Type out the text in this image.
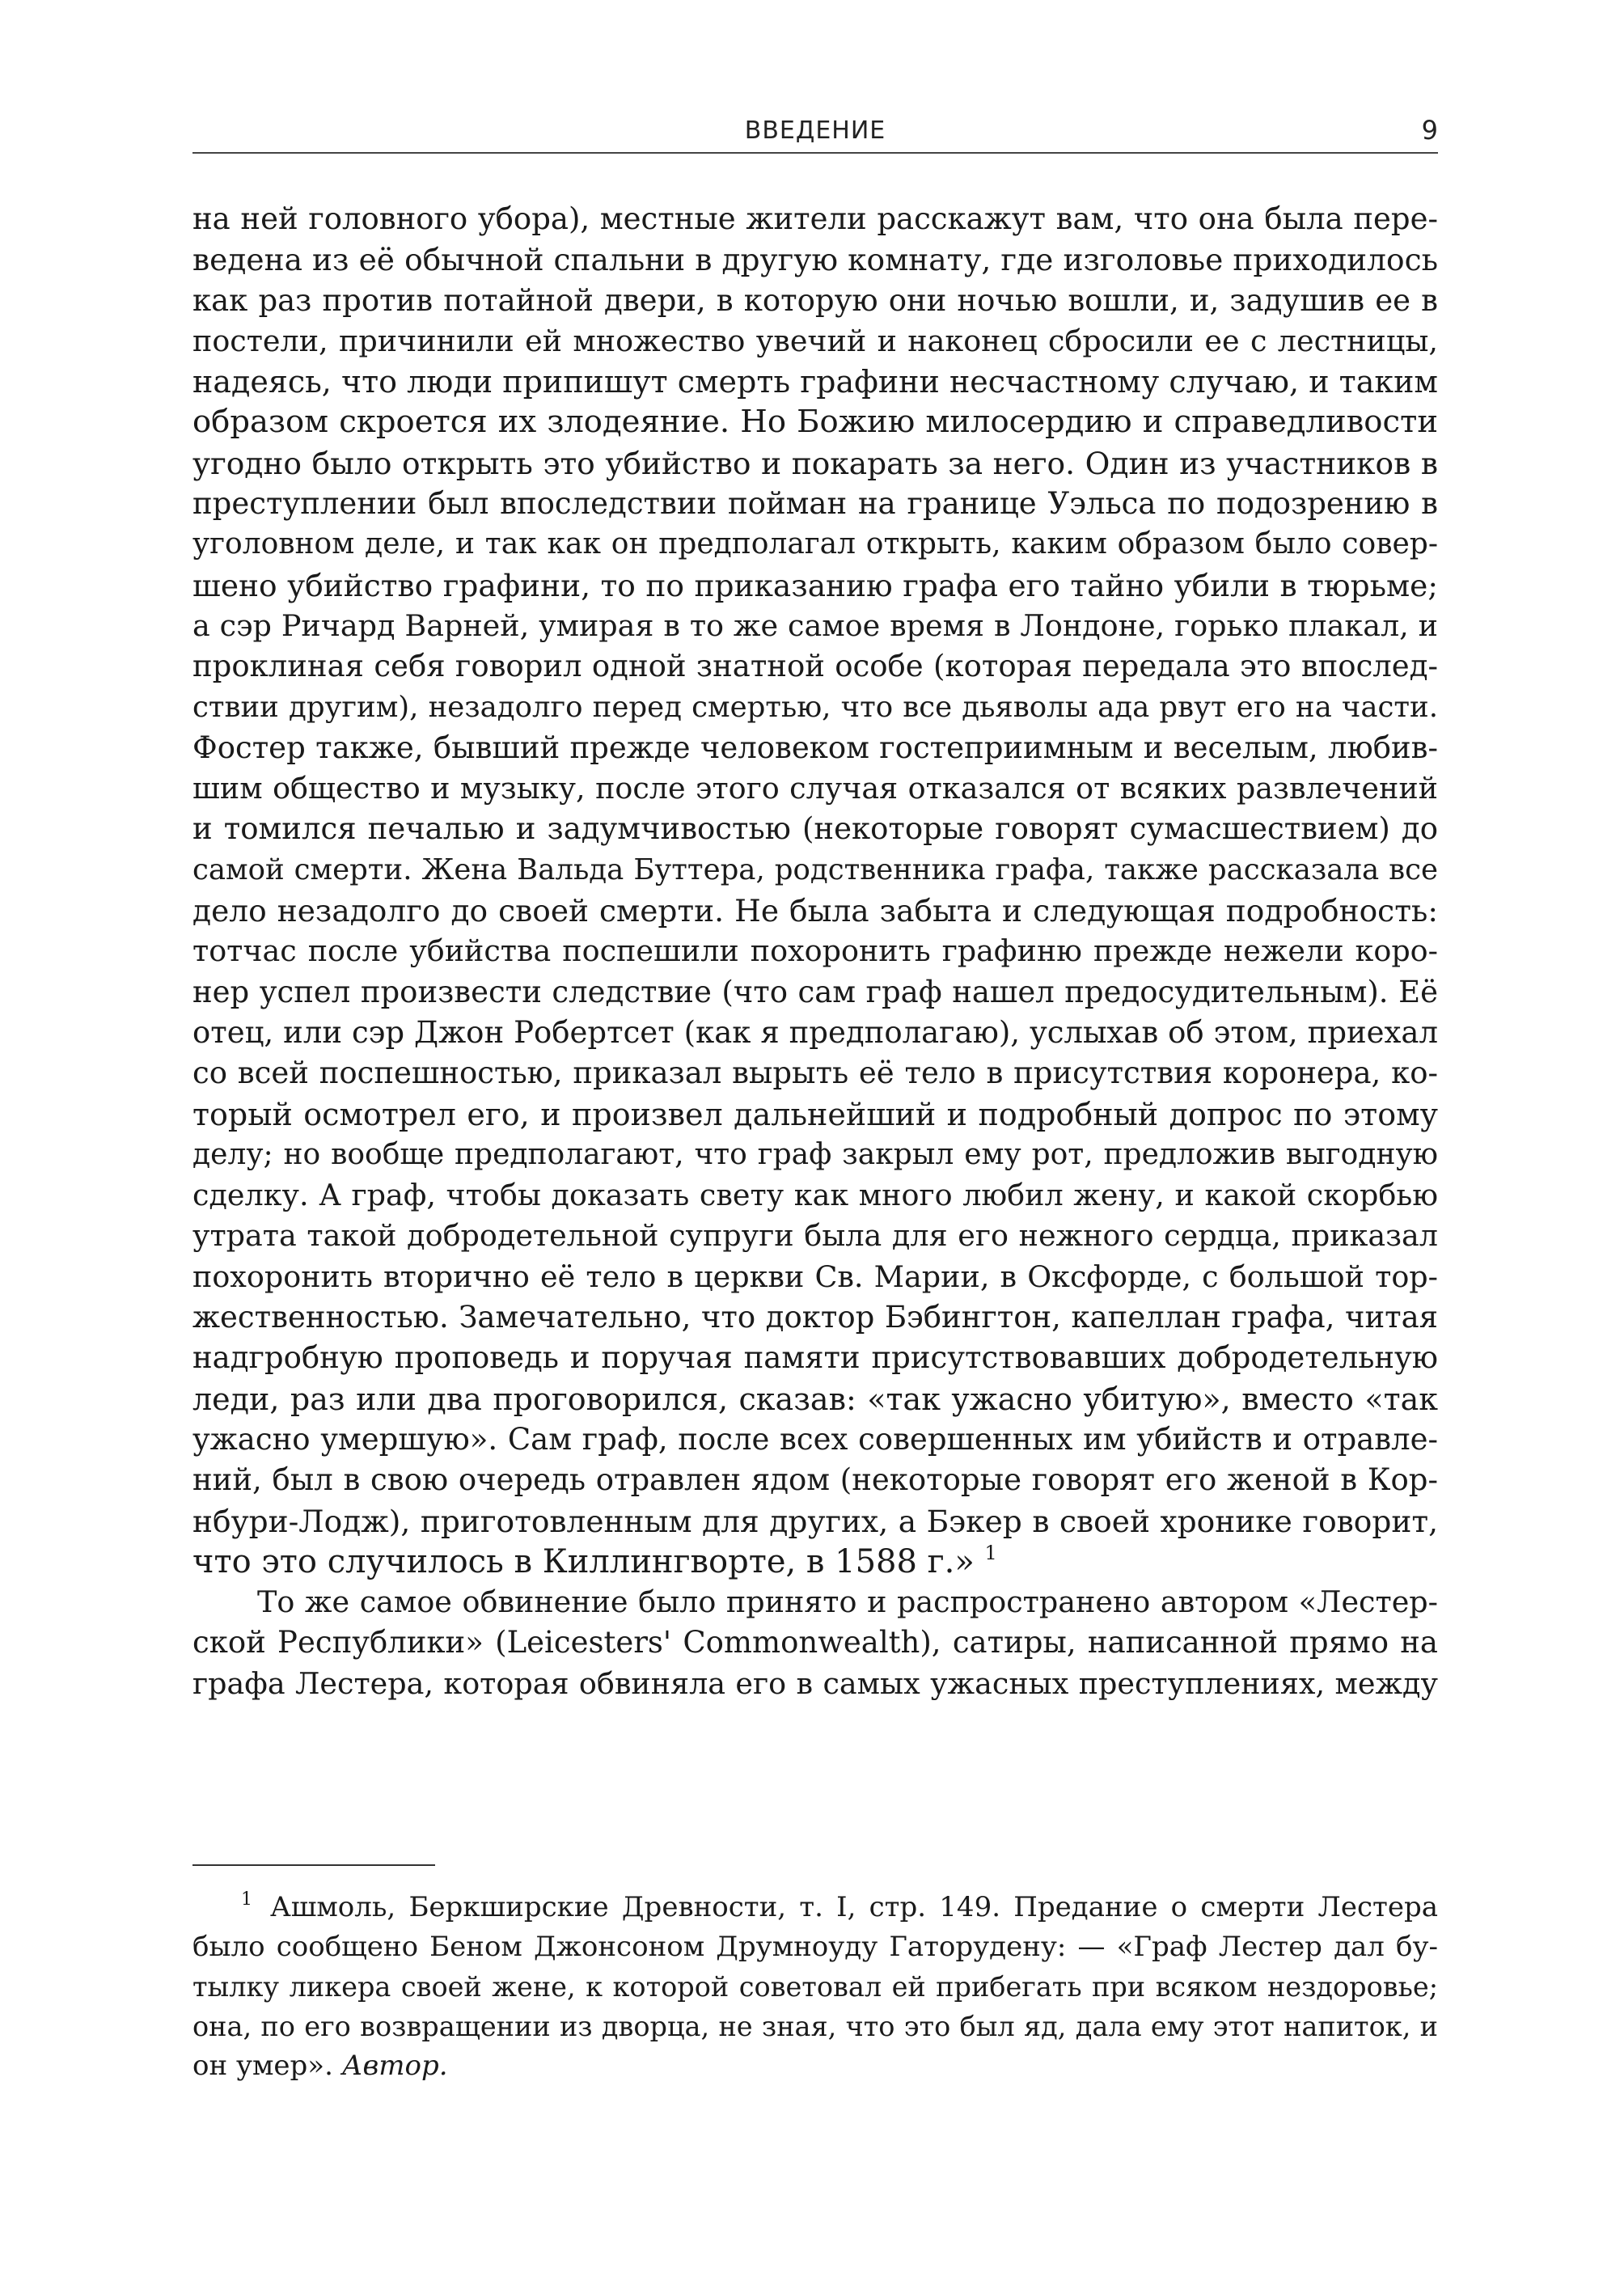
ВВЕДЕНИЕ	9
на ней головного убора), местные жители расскажут вам, что она была пере-
ведена из её обычной спальни в другую комнату, где изголовье приходилось
как раз против потайной двери, в которую они ночью вошли, и, задушив ее в
постели, причинили ей множество увечий и наконец сбросили ее с лестницы,
надеясь, что люди припишут смерть графини несчастному случаю, и таким
образом скроется их злодеяние. Но Божию милосердию и справедливости
угодно было открыть это убийство и покарать за него. Один из участников в
преступлении был впоследствии пойман на границе Уэльса по подозрению в
уголовном деле, и так как он предполагал открыть, каким образом было совер-
шено убийство графини, то по приказанию графа его тайно убили в тюрьме;
а сэр Ричард Варней, умирая в то же самое время в Лондоне, горько плакал, и
проклиная себя говорил одной знатной особе (которая передала это впослед-
ствии другим), незадолго перед смертью, что все дьяволы ада рвут его на части.
Фостер также, бывший прежде человеком гостеприимным и веселым, любив-
шим общество и музыку, после этого случая отказался от всяких развлечений
и томился печалью и задумчивостью (некоторые говорят сумасшествием) до
самой смерти. Жена Вальда Буттера, родственника графа, также рассказала все
дело незадолго до своей смерти. Не была забыта и следующая подробность:
тотчас после убийства поспешили похоронить графиню прежде нежели корo-
нер успел произвести следствие (что сам граф нашел предосудительным). Её
отец, или сэр Джон Робертсет (как я предполагаю), услыхав об этом, приехал
со всей поспешностью, приказал вырыть её тело в присутствия коронера, ко-
торый осмотрел его, и произвел дальнейший и подробный допрос по этому
делу; но вообще предполагают, что граф закрыл ему рот, предложив выгодную
сделку. А граф, чтобы доказать свету как много любил жену, и какой скорбью
утрата такой добродетельной супруги была для его нежного сердца, приказал
похоронить вторично её тело в церкви Св. Марии, в Оксфорде, с большой тор-
жественностью. Замечательно, что доктор Бэбингтон, капеллан графа, читая
надгробную проповедь и поручая памяти присутствовавших добродетельную
леди, раз или два проговорился, сказав: «так ужасно убитую», вместо «так
ужасно умершую». Сам граф, после всех совершенных им убийств и отравле-
ний, был в свою очередь отравлен ядом (некоторые говорят его женой в Кор-
нбури-Лодж), приготовленным для других, а Бэкер в своей хронике говорит,
что это случилось в Киллингворте, в 1588 г.» $^1$
То же самое обвинение было принято и распространено автором «Лестер-
ской Республики» (Leicesters' Commonwealth), сатиры, написанной прямо на
графа Лестера, которая обвиняла его в самых ужасных преступлениях, между
$^1$ Ашмоль, Беркширские Древности, т. I, стр. 149. Предание о смерти Лестера
было сообщено Беном Джонсоном Друмноуду Гаторудену: — «Граф Лестер дал бу-
тылку ликера своей жене, к которой советовал ей прибегать при всяком нездоровье;
она, по его возвращении из дворца, не зная, что это был яд, дала ему этот напиток, и
он умер». Автор.
